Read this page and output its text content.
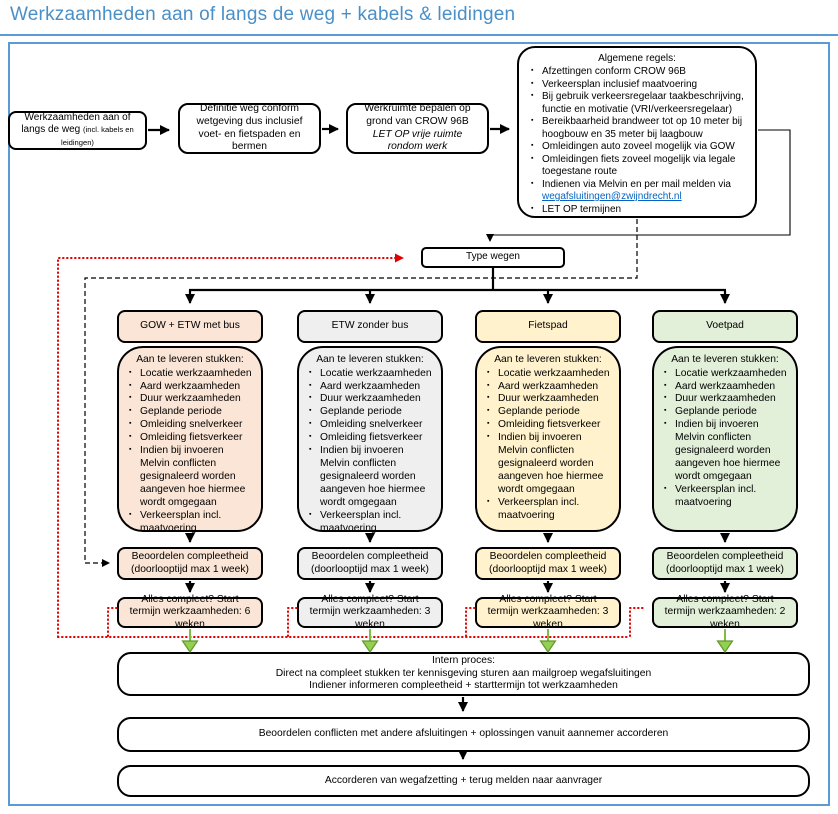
Werkzaamheden aan of langs de weg + kabels & leidingen
Werkzaamheden aan of langs de weg (incl. kabels en leidingen)
Definitie weg conform wetgeving dus inclusief voet- en fietspaden en bermen
Werkruimte bepalen op grond van CROW 96B
LET OP vrije ruimte rondom werk
Algemene regels:
▪ Afzettingen conform CROW 96B
▪ Verkeersplan inclusief maatvoering
▪ Bij gebruik verkeersregelaar taakbeschrijving, functie en motivatie (VRI/verkeersregelaar)
▪ Bereikbaarheid brandweer tot op 10 meter bij hoogbouw en 35 meter bij laagbouw
▪ Omleidingen auto zoveel mogelijk via GOW
▪ Omleidingen fiets zoveel mogelijk via legale toegestane route
▪ Indienen via Melvin en per mail melden via wegafsluitingen@zwijndrecht.nl
▪ LET OP termijnen
Type wegen
GOW + ETW met bus
Aan te leveren stukken:
▪ Locatie werkzaamheden
▪ Aard werkzaamheden
▪ Duur werkzaamheden
▪ Geplande periode
▪ Omleiding snelverkeer
▪ Omleiding fietsverkeer
▪ Indien bij invoeren Melvin conflicten gesignaleerd worden aangeven hoe hiermee wordt omgegaan
▪ Verkeersplan incl. maatvoering
Beoordelen compleetheid
(doorlooptijd max 1 week)
Alles compleet? Start termijn werkzaamheden: 6 weken
ETW zonder bus
Aan te leveren stukken:
▪ Locatie werkzaamheden
▪ Aard werkzaamheden
▪ Duur werkzaamheden
▪ Geplande periode
▪ Omleiding snelverkeer
▪ Omleiding fietsverkeer
▪ Indien bij invoeren Melvin conflicten gesignaleerd worden aangeven hoe hiermee wordt omgegaan
▪ Verkeersplan incl. maatvoering
Beoordelen compleetheid
(doorlooptijd max 1 week)
Alles compleet? Start termijn werkzaamheden: 3 weken
Fietspad
Aan te leveren stukken:
▪ Locatie werkzaamheden
▪ Aard werkzaamheden
▪ Duur werkzaamheden
▪ Geplande periode
▪ Omleiding fietsverkeer
▪ Indien bij invoeren Melvin conflicten gesignaleerd worden aangeven hoe hiermee wordt omgegaan
▪ Verkeersplan incl. maatvoering
Beoordelen compleetheid
(doorlooptijd max 1 week)
Alles compleet? Start termijn werkzaamheden: 3 weken
Voetpad
Aan te leveren stukken:
▪ Locatie werkzaamheden
▪ Aard werkzaamheden
▪ Duur werkzaamheden
▪ Geplande periode
▪ Indien bij invoeren Melvin conflicten gesignaleerd worden aangeven hoe hiermee wordt omgegaan
▪ Verkeersplan incl. maatvoering
Beoordelen compleetheid
(doorlooptijd max 1 week)
Alles compleet? Start termijn werkzaamheden: 2 weken
Intern proces:
Direct na compleet stukken ter kennisgeving sturen aan mailgroep wegafsluitingen
Indiener informeren compleetheid + starttermijn tot werkzaamheden
Beoordelen conflicten met andere afsluitingen + oplossingen vanuit aannemer accorderen
Accorderen van wegafzetting + terug melden naar aanvrager
